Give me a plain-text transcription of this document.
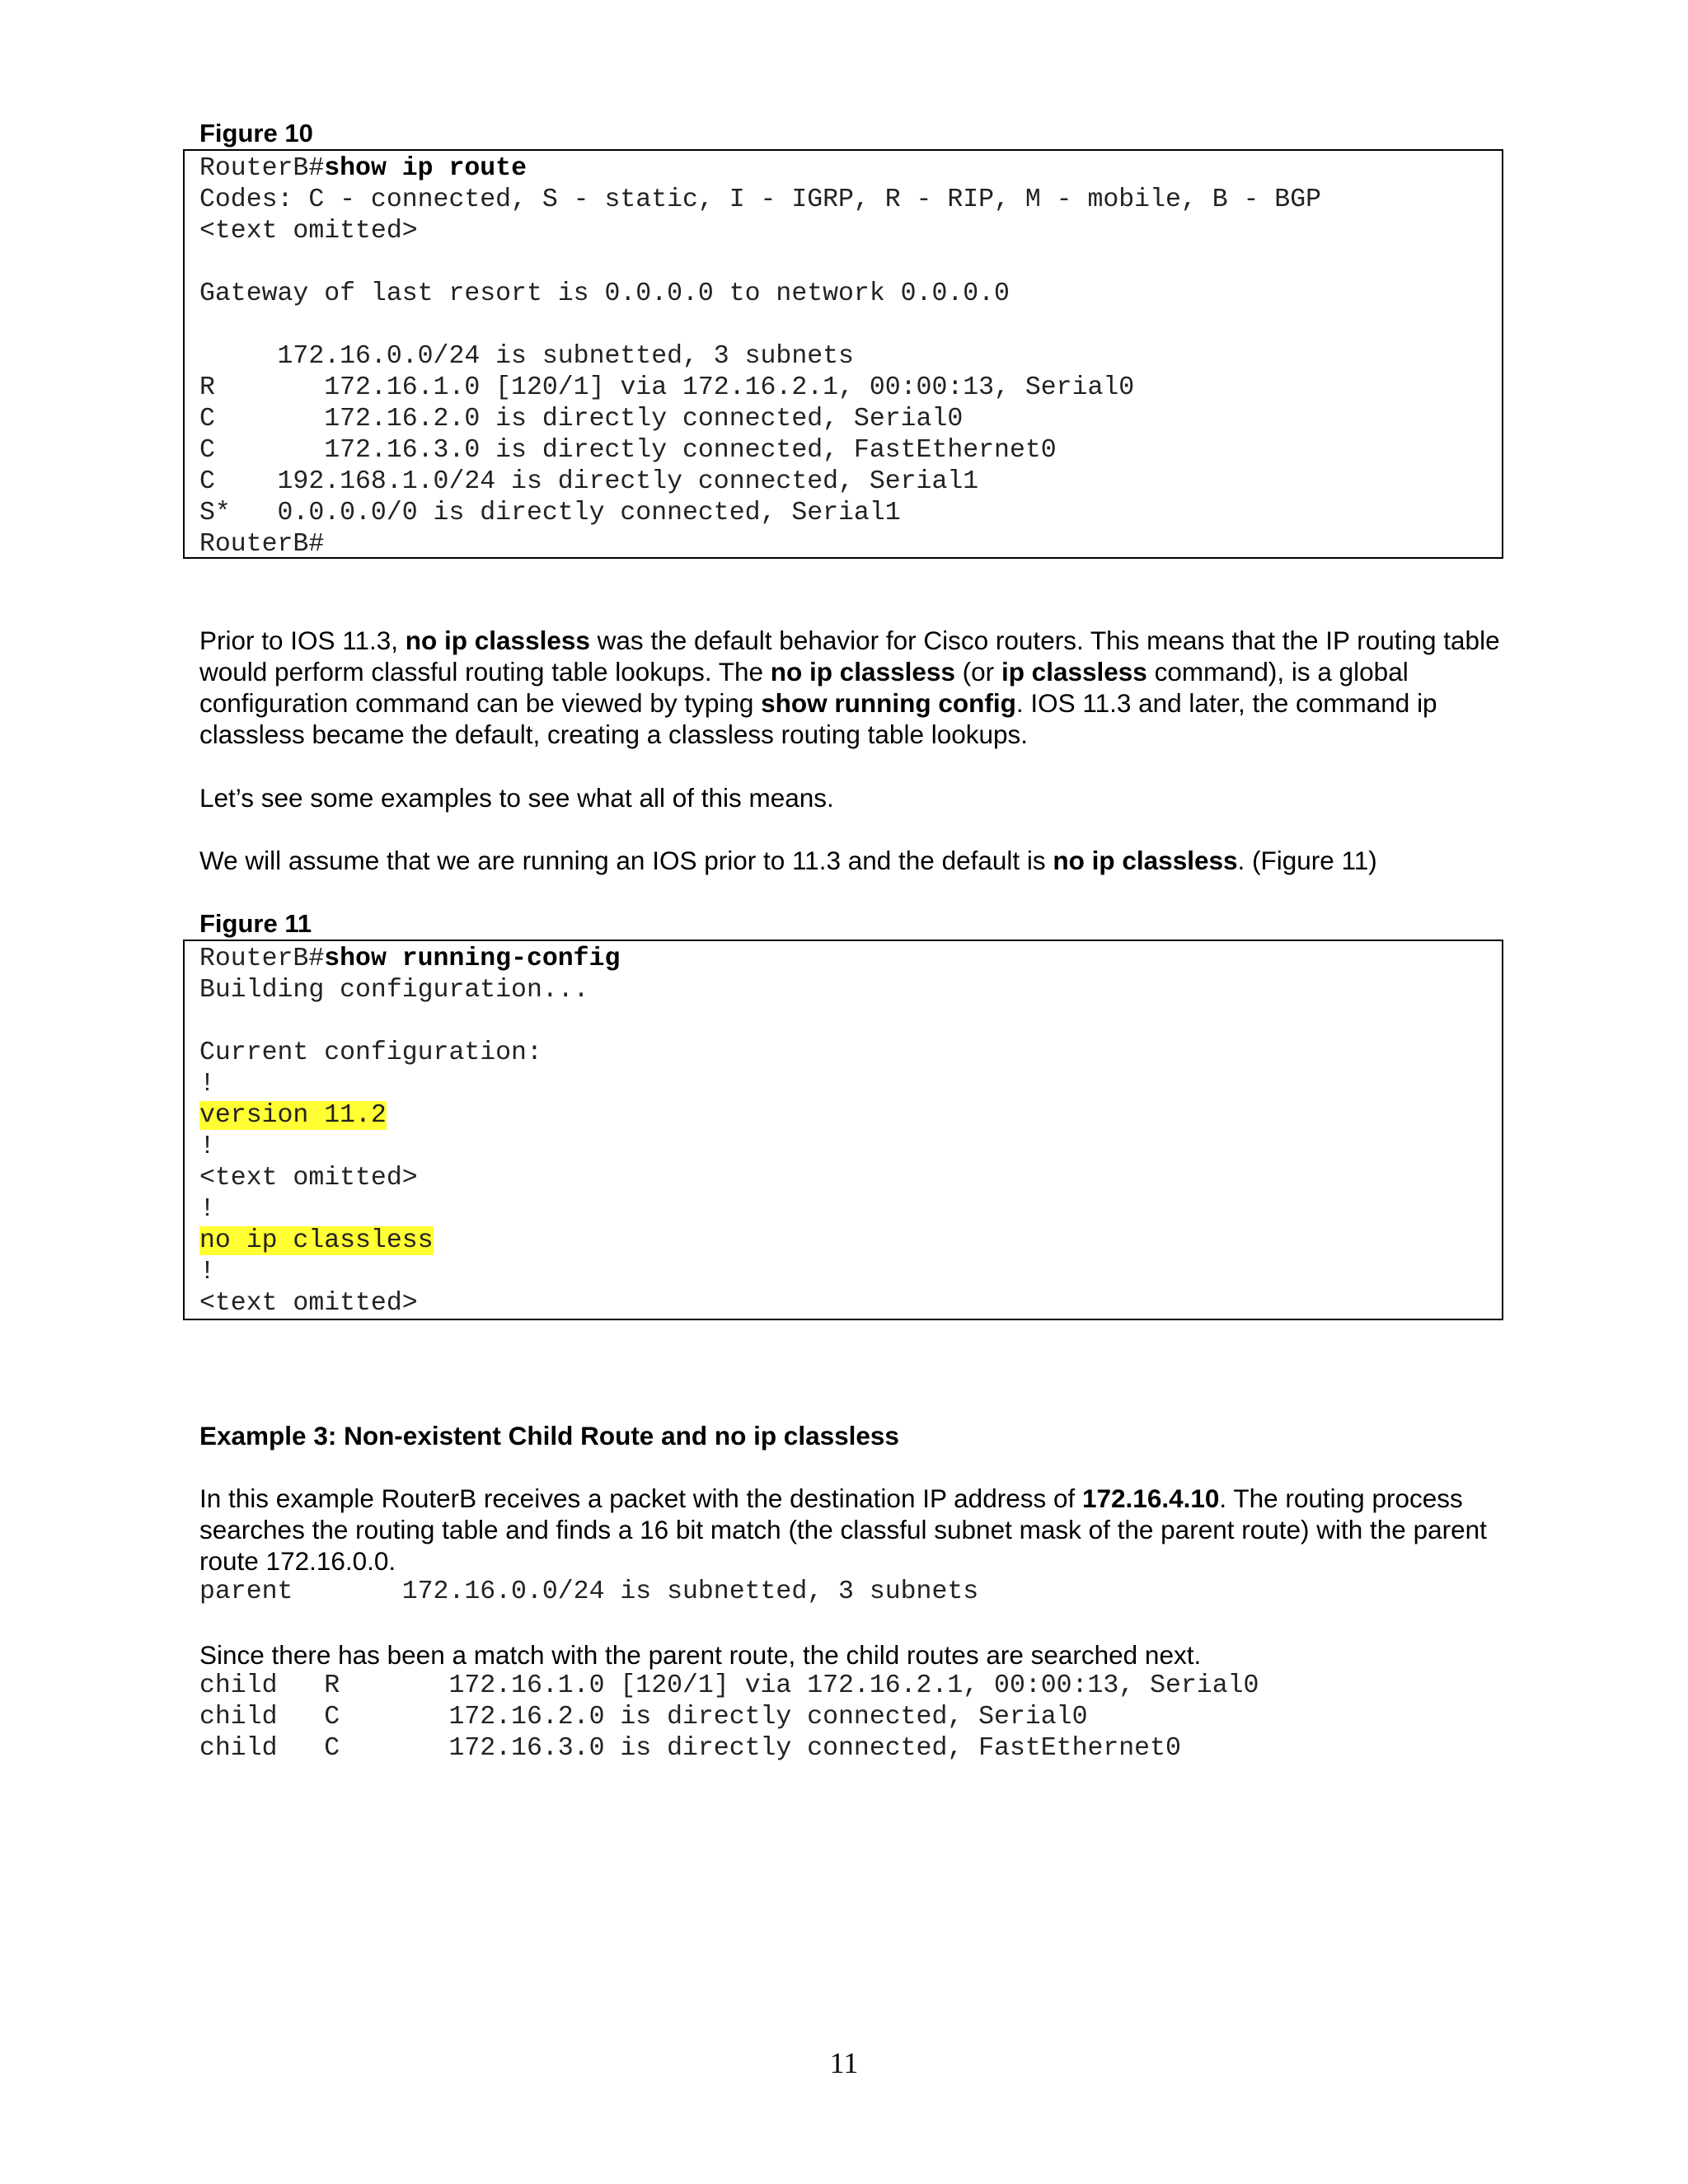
Figure 10
RouterB#show ip route
Codes: C - connected, S - static, I - IGRP, R - RIP, M - mobile, B - BGP
<text omitted>
Gateway of last resort is 0.0.0.0 to network 0.0.0.0
172.16.0.0/24 is subnetted, 3 subnets
R       172.16.1.0 [120/1] via 172.16.2.1, 00:00:13, Serial0
C       172.16.2.0 is directly connected, Serial0
C       172.16.3.0 is directly connected, FastEthernet0
C    192.168.1.0/24 is directly connected, Serial1
S*   0.0.0.0/0 is directly connected, Serial1
RouterB#

Prior to IOS 11.3, no ip classless was the default behavior for Cisco routers. This means that the IP routing table would perform classful routing table lookups. The no ip classless (or ip classless command), is a global configuration command can be viewed by typing show running config. IOS 11.3 and later, the command ip classless became the default, creating a classless routing table lookups.

Let’s see some examples to see what all of this means.

We will assume that we are running an IOS prior to 11.3 and the default is no ip classless. (Figure 11)

Figure 11
RouterB#show running-config
Building configuration...
Current configuration:
!
version 11.2
!
<text omitted>
!
no ip classless
!
<text omitted>
Example 3: Non-existent Child Route and no ip classless

In this example RouterB receives a packet with the destination IP address of 172.16.4.10. The routing process searches the routing table and finds a 16 bit match (the classful subnet mask of the parent route) with the parent route 172.16.0.0.

parent       172.16.0.0/24 is subnetted, 3 subnets
Since there has been a match with the parent route, the child routes are searched next.
child   R       172.16.1.0 [120/1] via 172.16.2.1, 00:00:13, Serial0
child   C       172.16.2.0 is directly connected, Serial0
child   C       172.16.3.0 is directly connected, FastEthernet0
11
